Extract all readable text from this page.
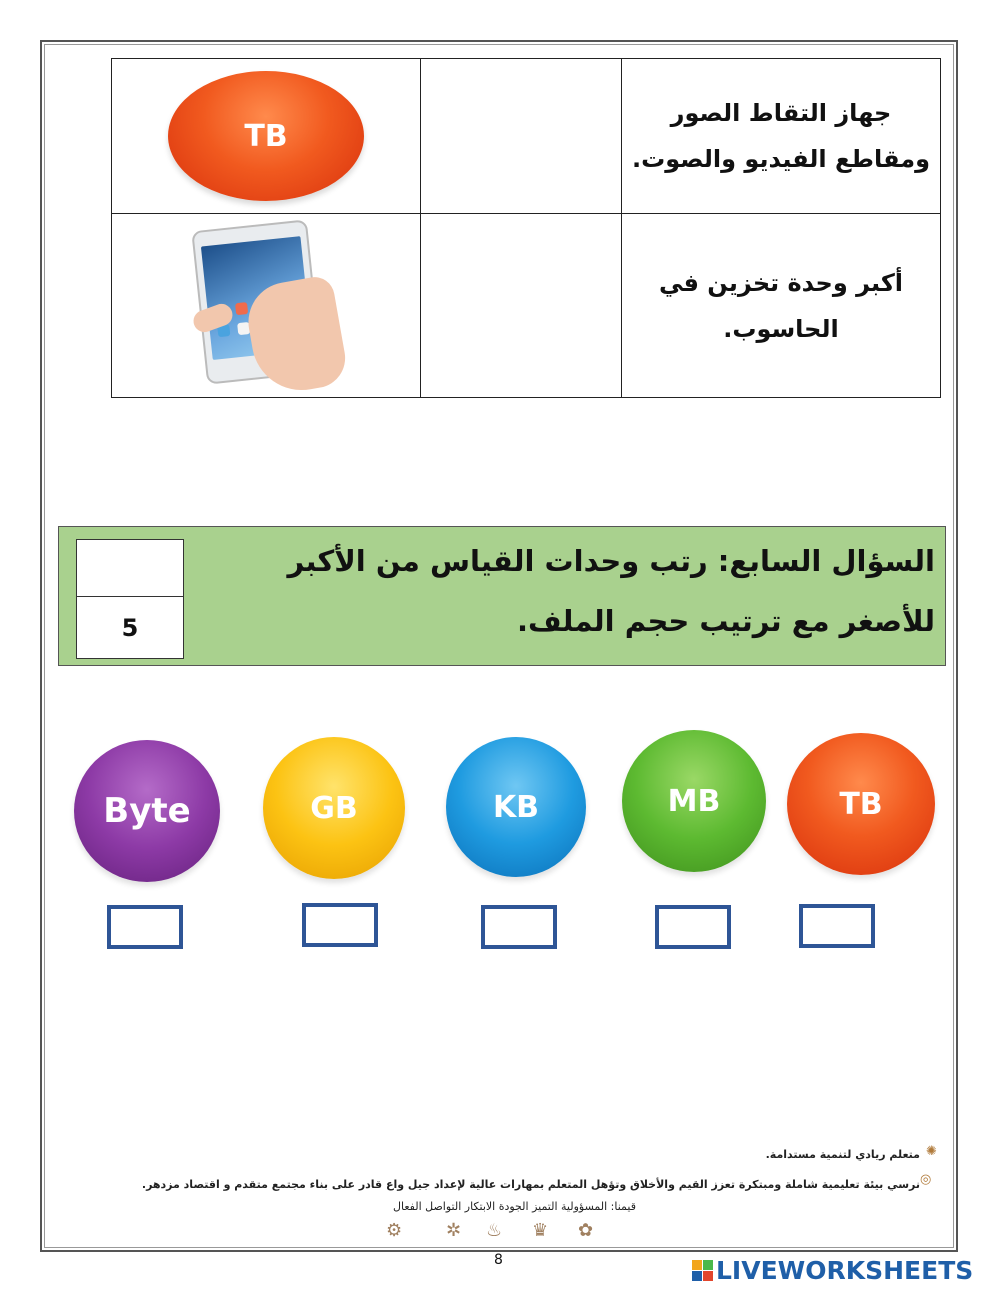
TB		جهاز التقاط الصور ومقاطع الفيديو والصوت.

		أكبر وحدة تخزين في الحاسوب.
السؤال السابع: رتب وحدات القياس من الأكبر للأصغر مع ترتيب حجم الملف.
5
Byte	GB	KB	MB	TB
✺
متعلم ريادي لتنمية مستدامة.
◎
نرسي بيئة تعليمية شاملة ومبتكرة تعزز القيم والأخلاق وتؤهل المتعلم بمهارات عالية لإعداد جيل واع قادر على بناء مجتمع متقدم و اقتصاد مزدهر.
قيمنا: المسؤولية التميز الجودة الابتكار التواصل الفعال
⚙ ✲ ♨ ♛ ✿
8	LIVEWORKSHEETS
